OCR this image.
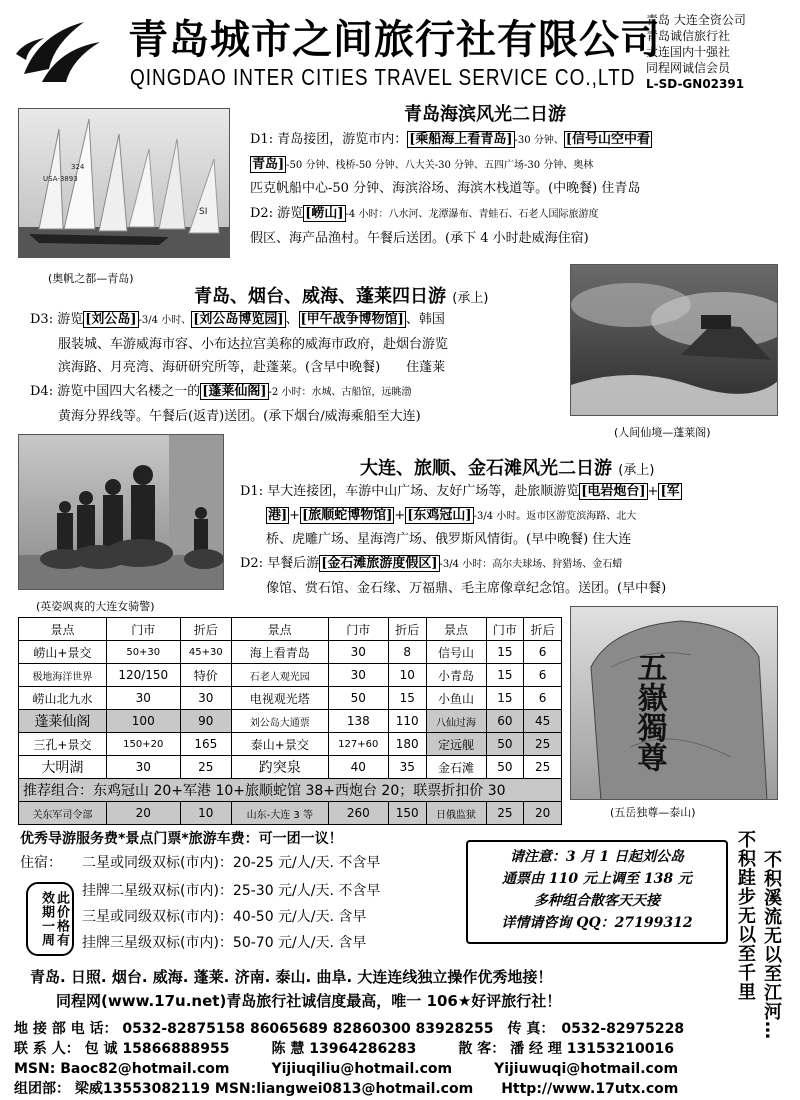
青岛城市之间旅行社有限公司
QINGDAO INTER CITIES TRAVEL SERVICE CO.,LTD
青岛 大连全资公司
青岛诚信旅行社
大连国内十强社
同程网诚信会员
L-SD-GN02391
USA-3893
324
SI
(奥帆之都—青岛)
(人间仙境—蓬莱阁)
(英姿飒爽的大连女骑警)
五嶽獨尊
(五岳独尊—泰山)
青岛海滨风光二日游
D1: 青岛接团，游览市内： [乘船海上看青岛] -30 分钟、 [信号山空中看
青岛] -50 分钟、栈桥-50 分钟、八大关-30 分钟、五四广场-30 分钟、奥林
匹克帆船中心-50 分钟、海滨浴场、海滨木栈道等。(中晚餐) 住青岛
D2: 游览 [崂山] -4 小时：八水河、龙潭瀑布、青蛙石、石老人国际旅游度
假区、海产品渔村。午餐后送团。(承下 4 小时赴威海住宿)
青岛、烟台、威海、蓬莱四日游 (承上)
D3: 游览 [刘公岛] -3/4 小时、 [刘公岛博览园] 、 [甲午战争博物馆] 、韩国
服装城、车游威海市容、小布达拉宫美称的威海市政府，赴烟台游览
滨海路、月亮湾、海研研究所等，赴蓬莱。(含早中晚餐)　　住蓬莱
D4: 游览中国四大名楼之一的 [蓬莱仙阁] -2 小时：水城、古船馆，远眺渤
黄海分界线等。午餐后(返青)送团。(承下烟台/威海乘船至大连)
大连、旅顺、金石滩风光二日游 (承上)
D1: 早大连接团，车游中山广场、友好广场等，赴旅顺游览 [电岩炮台] + [军
港] + [旅顺蛇博物馆] + [东鸡冠山] -3/4 小时。返市区游览滨海路、北大
桥、虎雕广场、星海湾广场、俄罗斯风情街。(早中晚餐) 住大连
D2: 早餐后游 [金石滩旅游度假区] -3/4 小时：高尔夫球场、狩猎场、金石蜡
像馆、赏石馆、金石缘、万福鼎、毛主席像章纪念馆。送团。(早中餐)
景点	门市	折后	景点	门市	折后	景点	门市	折后
崂山+景交	50+30	45+30	海上看青岛	30	8	信号山	15	6
极地海洋世界	120/150	特价	石老人观光园	30	10	小青岛	15	6
崂山北九水	30	30	电视观光塔	50	15	小鱼山	15	6
蓬莱仙阁	100	90	刘公岛大通票	138	110	八仙过海	60	45
三孔+景交	150+20	165	泰山+景交	127+60	180	定远舰	50	25
大明湖	30	25	趵突泉	40	35	金石滩	50	25
推荐组合：东鸡冠山 20+军港 10+旅顺蛇馆 38+西炮台 20；联票折扣价 30								
关东军司令部	20	10	山东-大连 3 等	260	150	日俄监狱	25	20
优秀导游服务费*景点门票*旅游车费：可一团一议！
住宿： 二星或同级双标(市内)：20-25 元/人/天. 不含早
挂牌二星级双标(市内)：25-30 元/人/天. 不含早
三星或同级双标(市内)：40-50 元/人/天. 含早
挂牌三星级双标(市内)：50-70 元/人/天. 含早
此价格有效期一周
请注意：3 月 1 日起刘公岛
通票由 110 元上调至 138 元
多种组合散客天天接
详情请咨询 QQ：27199312	不积跬步无以至千里 不积溪流无以至江河…
青岛. 日照. 烟台. 威海. 蓬莱. 济南. 泰山. 曲阜. 大连连线独立操作优秀地接！
同程网(www.17u.net)青岛旅行社诚信度最高，唯一 106★好评旅行社！
地 接 部 电 话： 0532-82875158 86065689 82860300 83928255　传 真：　0532-82975228
联 系 人： 包 诚 15866888955　　　陈 慧 13964286283　　　散 客： 潘 经 理 13153210016
MSN: Baoc82@hotmail.com　　　Yijiuqiliu@hotmail.com　　　Yijiuwuqi@hotmail.com
组团部： 梁威13553082119 MSN:liangwei0813@hotmail.com　　Http://www.17utx.com
